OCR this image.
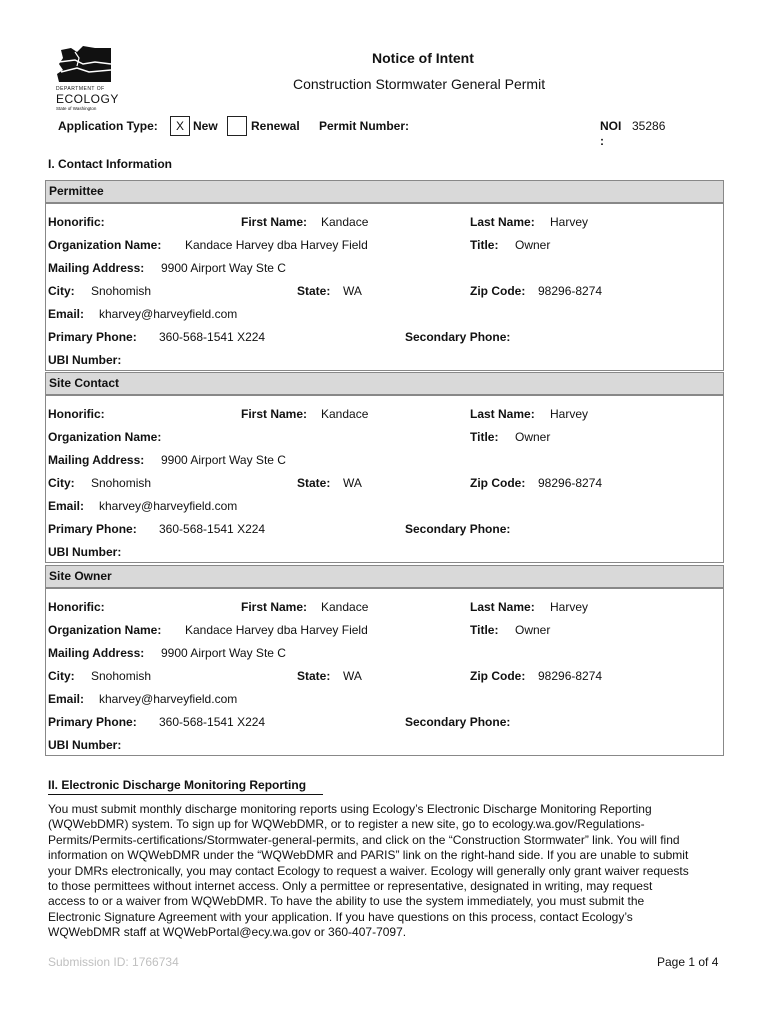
DEPARTMENT OF
ECOLOGY
State of Washington
Notice of Intent
Construction Stormwater General Permit
Application Type:	X New	Renewal Permit Number:	NOI
:
35286
I. Contact Information
Permittee
Honorific:	First Name: Kandace	Last Name: Harvey
Organization Name: Kandace Harvey dba Harvey Field	Title: Owner
Mailing Address: 9900 Airport Way Ste C
City: Snohomish	State: WA	Zip Code: 98296-8274
Email: kharvey@harveyfield.com
Primary Phone: 360-568-1541 X224	Secondary Phone:
UBI Number:
Site Contact
Honorific:	First Name: Kandace	Last Name: Harvey
Organization Name:	Title: Owner
Mailing Address: 9900 Airport Way Ste C
City: Snohomish	State: WA	Zip Code: 98296-8274
Email: kharvey@harveyfield.com
Primary Phone: 360-568-1541 X224	Secondary Phone:
UBI Number:
Site Owner
Honorific:	First Name: Kandace	Last Name: Harvey
Organization Name: Kandace Harvey dba Harvey Field	Title: Owner
Mailing Address: 9900 Airport Way Ste C
City: Snohomish	State: WA	Zip Code: 98296-8274
Email: kharvey@harveyfield.com
Primary Phone: 360-568-1541 X224	Secondary Phone:
UBI Number:
II. Electronic Discharge Monitoring Reporting
You must submit monthly discharge monitoring reports using Ecology’s Electronic Discharge Monitoring Reporting
(WQWebDMR) system. To sign up for WQWebDMR, or to register a new site, go to ecology.wa.gov/Regulations-
Permits/Permits-certifications/Stormwater-general-permits, and click on the “Construction Stormwater” link. You will find
information on WQWebDMR under the “WQWebDMR and PARIS” link on the right-hand side. If you are unable to submit
your DMRs electronically, you may contact Ecology to request a waiver. Ecology will generally only grant waiver requests
to those permittees without internet access. Only a permittee or representative, designated in writing, may request
access to or a waiver from WQWebDMR. To have the ability to use the system immediately, you must submit the
Electronic Signature Agreement with your application. If you have questions on this process, contact Ecology’s
WQWebDMR staff at WQWebPortal@ecy.wa.gov or 360-407-7097.
Submission ID: 1766734	Page 1 of 4
